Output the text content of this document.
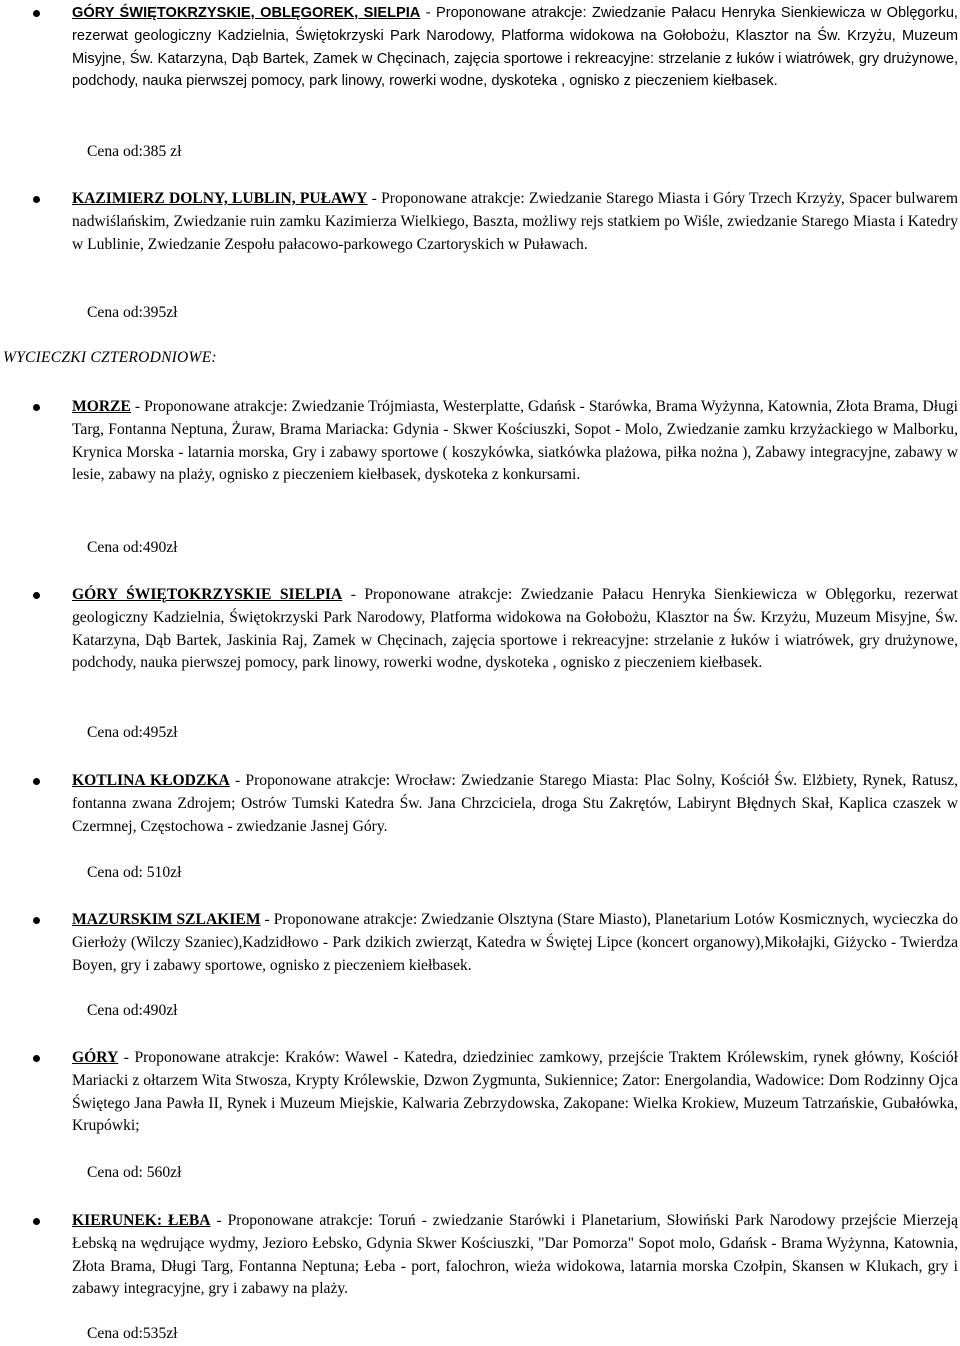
GÓRY ŚWIĘTOKRZYSKIE, OBLĘGOREK, SIELPIA - Proponowane atrakcje: Zwiedzanie Pałacu Henryka Sienkiewicza w Oblęgorku, rezerwat geologiczny Kadzielnia, Świętokrzyski Park Narodowy, Platforma widokowa na Gołobożu, Klasztor na Św. Krzyżu, Muzeum Misyjne, Św. Katarzyna, Dąb Bartek, Zamek w Chęcinach, zajęcia sportowe i rekreacyjne: strzelanie z łuków i wiatrówek, gry drużynowe, podchody, nauka pierwszej pomocy, park linowy, rowerki wodne, dyskoteka , ognisko z pieczeniem kiełbasek.

Cena od:385 zł

KAZIMIERZ DOLNY, LUBLIN, PUŁAWY - Proponowane atrakcje: Zwiedzanie Starego Miasta i Góry Trzech Krzyży, Spacer bulwarem nadwiślańskim, Zwiedzanie ruin zamku Kazimierza Wielkiego, Baszta, możliwy rejs statkiem po Wiśle, zwiedzanie Starego Miasta i Katedry w Lublinie, Zwiedzanie Zespołu pałacowo-parkowego Czartoryskich w Puławach.

Cena od:395zł
WYCIECZKI CZTERODNIOWE:

MORZE - Proponowane atrakcje: Zwiedzanie Trójmiasta, Westerplatte, Gdańsk - Starówka, Brama Wyżynna, Katownia, Złota Brama, Długi Targ, Fontanna Neptuna, Żuraw, Brama Mariacka: Gdynia - Skwer Kościuszki, Sopot - Molo, Zwiedzanie zamku krzyżackiego w Malborku, Krynica Morska - latarnia morska, Gry i zabawy sportowe ( koszykówka, siatkówka plażowa, piłka nożna ), Zabawy integracyjne, zabawy w lesie, zabawy na plaży, ognisko z pieczeniem kiełbasek, dyskoteka z konkursami.

Cena od:490zł

GÓRY ŚWIĘTOKRZYSKIE SIELPIA - Proponowane atrakcje: Zwiedzanie Pałacu Henryka Sienkiewicza w Oblęgorku, rezerwat geologiczny Kadzielnia, Świętokrzyski Park Narodowy, Platforma widokowa na Gołobożu, Klasztor na Św. Krzyżu, Muzeum Misyjne, Św. Katarzyna, Dąb Bartek, Jaskinia Raj, Zamek w Chęcinach, zajęcia sportowe i rekreacyjne: strzelanie z łuków i wiatrówek, gry drużynowe, podchody, nauka pierwszej pomocy, park linowy, rowerki wodne, dyskoteka , ognisko z pieczeniem kiełbasek.

Cena od:495zł

KOTLINA KŁODZKA - Proponowane atrakcje: Wrocław: Zwiedzanie Starego Miasta: Plac Solny, Kościół Św. Elżbiety, Rynek, Ratusz, fontanna zwana Zdrojem; Ostrów Tumski Katedra Św. Jana Chrzciciela, droga Stu Zakrętów, Labirynt Błędnych Skał, Kaplica czaszek w Czermnej, Częstochowa - zwiedzanie Jasnej Góry.

Cena od: 510zł

MAZURSKIM SZLAKIEM - Proponowane atrakcje: Zwiedzanie Olsztyna (Stare Miasto), Planetarium Lotów Kosmicznych, wycieczka do Gierłoży (Wilczy Szaniec),Kadzidłowo - Park dzikich zwierząt, Katedra w Świętej Lipce (koncert organowy),Mikołajki, Giżycko - Twierdza Boyen, gry i zabawy sportowe, ognisko z pieczeniem kiełbasek.

Cena od:490zł

GÓRY - Proponowane atrakcje: Kraków: Wawel - Katedra, dziedziniec zamkowy, przejście Traktem Królewskim, rynek główny, Kościół Mariacki z ołtarzem Wita Stwosza, Krypty Królewskie, Dzwon Zygmunta, Sukiennice; Zator: Energolandia, Wadowice: Dom Rodzinny Ojca Świętego Jana Pawła II, Rynek i Muzeum Miejskie, Kalwaria Zebrzydowska, Zakopane: Wielka Krokiew, Muzeum Tatrzańskie, Gubałówka, Krupówki;

Cena od: 560zł

KIERUNEK: ŁEBA - Proponowane atrakcje: Toruń - zwiedzanie Starówki i Planetarium, Słowiński Park Narodowy przejście Mierzeją Łebską na wędrujące wydmy, Jezioro Łebsko, Gdynia Skwer Kościuszki, "Dar Pomorza" Sopot molo, Gdańsk - Brama Wyżynna, Katownia, Złota Brama, Długi Targ, Fontanna Neptuna; Łeba - port, falochron, wieża widokowa, latarnia morska Czołpin, Skansen w Klukach, gry i zabawy integracyjne, gry i zabawy na plaży.

Cena od:535zł
